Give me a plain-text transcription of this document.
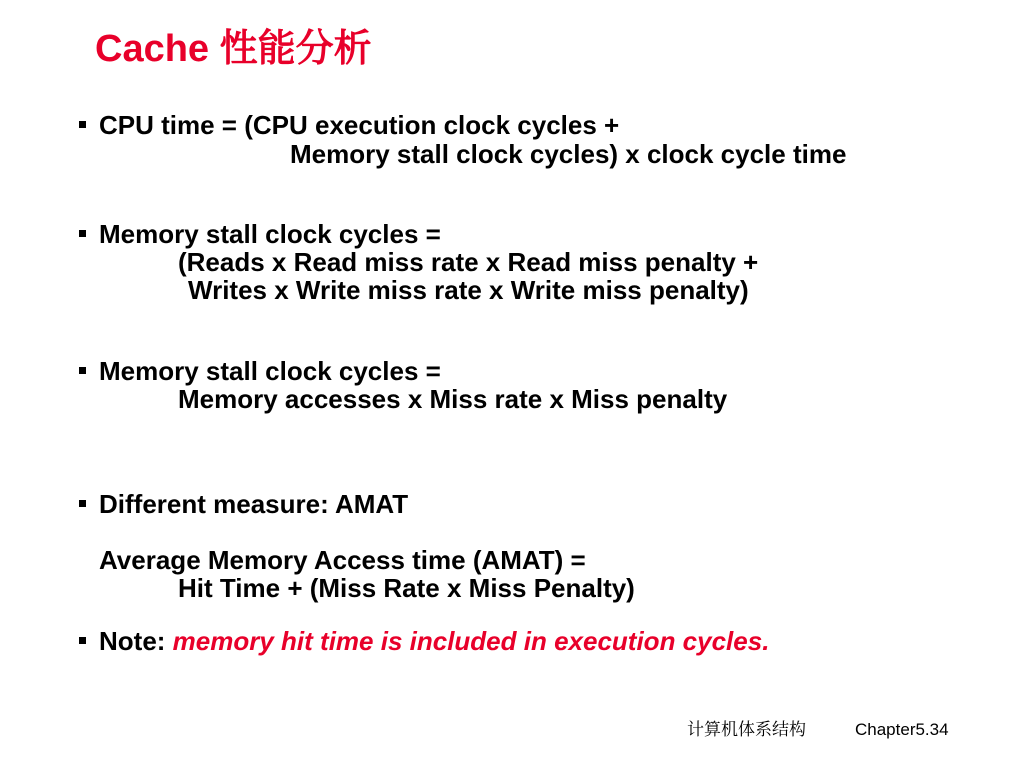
Cache 性能分析
CPU time = (CPU execution clock cycles +
Memory stall clock cycles) x clock cycle time
Memory stall clock cycles =
(Reads x Read miss rate x Read miss penalty +
Writes x Write miss rate x Write miss penalty)
Memory stall clock cycles =
Memory accesses x Miss rate x Miss penalty
Different measure: AMAT
Average Memory Access time (AMAT) =
Hit Time + (Miss Rate x Miss Penalty)
Note: memory hit time is included in execution cycles.
计算机体系结构	Chapter5.34
